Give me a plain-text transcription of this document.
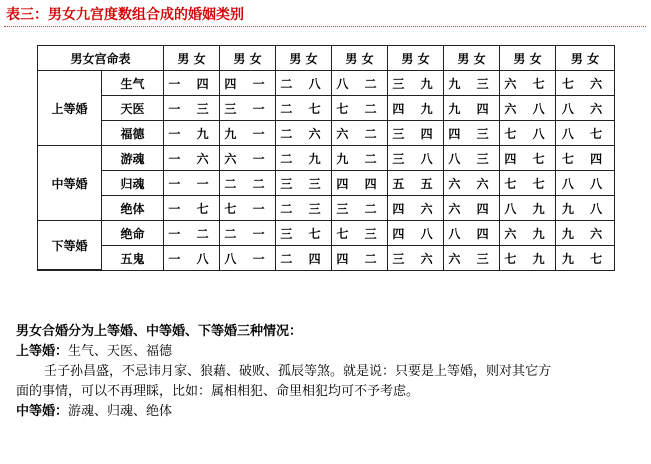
表三：男女九宫度数组合成的婚姻类别
男女宫命表		男 女	男 女	男 女	男 女	男 女	男 女	男 女	男 女
上等婚	生气	一 四	四 一	二 八	八 二	三 九	九 三	六 七	七 六
	天医	一 三	三 一	二 七	七 二	四 九	九 四	六 八	八 六
	福德	一 九	九 一	二 六	六 二	三 四	四 三	七 八	八 七
中等婚	游魂	一 六	六 一	二 九	九 二	三 八	八 三	四 七	七 四
	归魂	一 一	二 二	三 三	四 四	五 五	六 六	七 七	八 八
	绝体	一 七	七 一	二 三	三 二	四 六	六 四	八 九	九 八
下等婚	绝命	一 二	二 一	三 七	七 三	四 八	八 四	六 九	九 六
	五鬼	一 八	八 一	二 四	四 二	三 六	六 三	七 九	九 七

男女合婚分为上等婚、中等婚、下等婚三种情况：

上等婚：生气、天医、福德

壬子孙昌盛，不忌讳月家、狼藉、破败、孤辰等煞。就是说：只要是上等婚，则对其它方

面的事情，可以不再理睬，比如：属相相犯、命里相犯均可不予考虑。

中等婚：游魂、归魂、绝体
